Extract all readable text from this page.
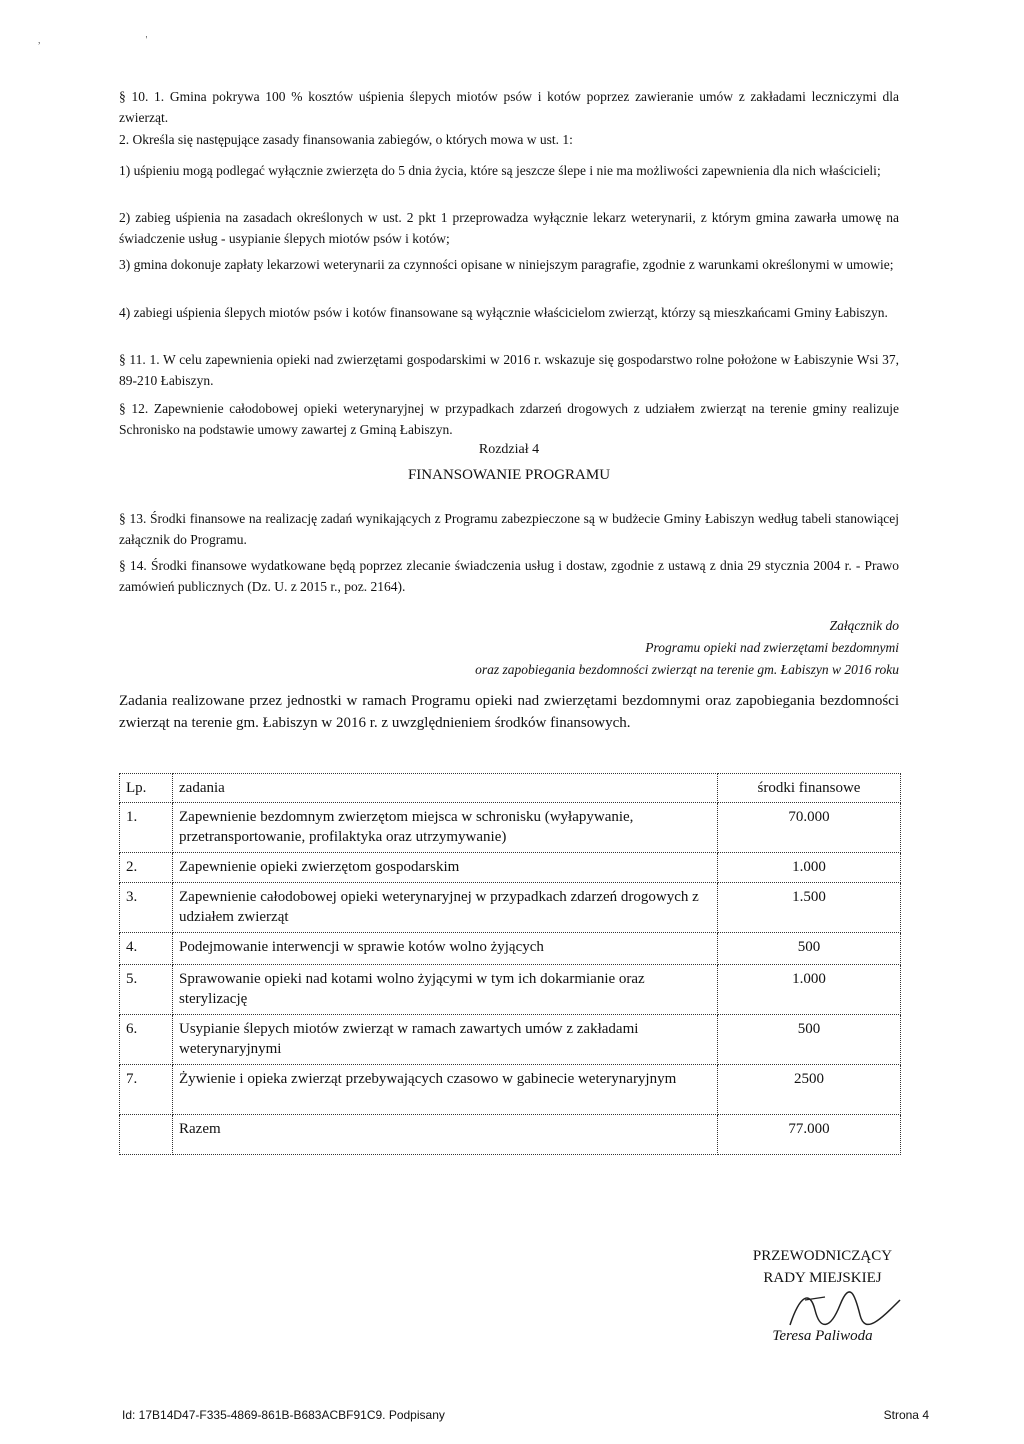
,                                          '
§ 10. 1. Gmina pokrywa 100 % kosztów uśpienia ślepych miotów psów i kotów poprzez zawieranie umów z zakładami leczniczymi dla zwierząt.
2. Określa się następujące zasady finansowania zabiegów, o których mowa w ust. 1:
1) uśpieniu mogą podlegać wyłącznie zwierzęta do 5 dnia życia, które są jeszcze ślepe i nie ma możliwości zapewnienia dla nich właścicieli;
2) zabieg uśpienia na zasadach określonych w ust. 2 pkt 1 przeprowadza wyłącznie lekarz weterynarii, z którym gmina zawarła umowę na świadczenie usług - usypianie ślepych miotów psów i kotów;
3) gmina dokonuje zapłaty lekarzowi weterynarii za czynności opisane w niniejszym paragrafie, zgodnie z warunkami określonymi w umowie;
4) zabiegi uśpienia ślepych miotów psów i kotów finansowane są wyłącznie właścicielom zwierząt, którzy są mieszkańcami Gminy Łabiszyn.
§ 11. 1. W celu zapewnienia opieki nad zwierzętami gospodarskimi w 2016 r. wskazuje się gospodarstwo rolne położone w Łabiszynie Wsi 37, 89-210 Łabiszyn.
§ 12. Zapewnienie całodobowej opieki weterynaryjnej w przypadkach zdarzeń drogowych z udziałem zwierząt na terenie gminy realizuje Schronisko na podstawie umowy zawartej z Gminą Łabiszyn.
Rozdział 4
FINANSOWANIE PROGRAMU
§ 13. Środki finansowe na realizację zadań wynikających z Programu zabezpieczone są w budżecie Gminy Łabiszyn według tabeli stanowiącej załącznik do Programu.
§ 14. Środki finansowe wydatkowane będą poprzez zlecanie świadczenia usług i dostaw, zgodnie z ustawą z dnia 29 stycznia 2004 r. - Prawo zamówień publicznych (Dz. U. z 2015 r., poz. 2164).
Załącznik do
Programu opieki nad zwierzętami bezdomnymi
oraz zapobiegania bezdomności zwierząt na terenie gm. Łabiszyn w 2016 roku
Zadania realizowane przez jednostki w ramach Programu opieki nad zwierzętami bezdomnymi oraz zapobiegania bezdomności zwierząt na terenie gm. Łabiszyn w 2016 r. z uwzględnieniem środków finansowych.
Lp.	zadania	środki finansowe
1.	Zapewnienie bezdomnym zwierzętom miejsca w schronisku (wyłapywanie, przetransportowanie, profilaktyka oraz utrzymywanie)	70.000
2.	Zapewnienie opieki zwierzętom gospodarskim	1.000
3.	Zapewnienie całodobowej opieki weterynaryjnej w przypadkach zdarzeń drogowych z udziałem zwierząt	1.500
4.	Podejmowanie interwencji w sprawie kotów wolno żyjących	500
5.	Sprawowanie opieki nad kotami wolno żyjącymi w tym ich dokarmianie oraz sterylizację	1.000
6.	Usypianie ślepych miotów zwierząt w ramach zawartych umów z zakładami weterynaryjnymi	500
7.	Żywienie i opieka zwierząt przebywających czasowo w gabinecie weterynaryjnym	2500
	Razem	77.000
PRZEWODNICZĄCY
RADY MIEJSKIEJ
Teresa Paliwoda
Id: 17B14D47-F335-4869-861B-B683ACBF91C9. Podpisany	Strona 4
